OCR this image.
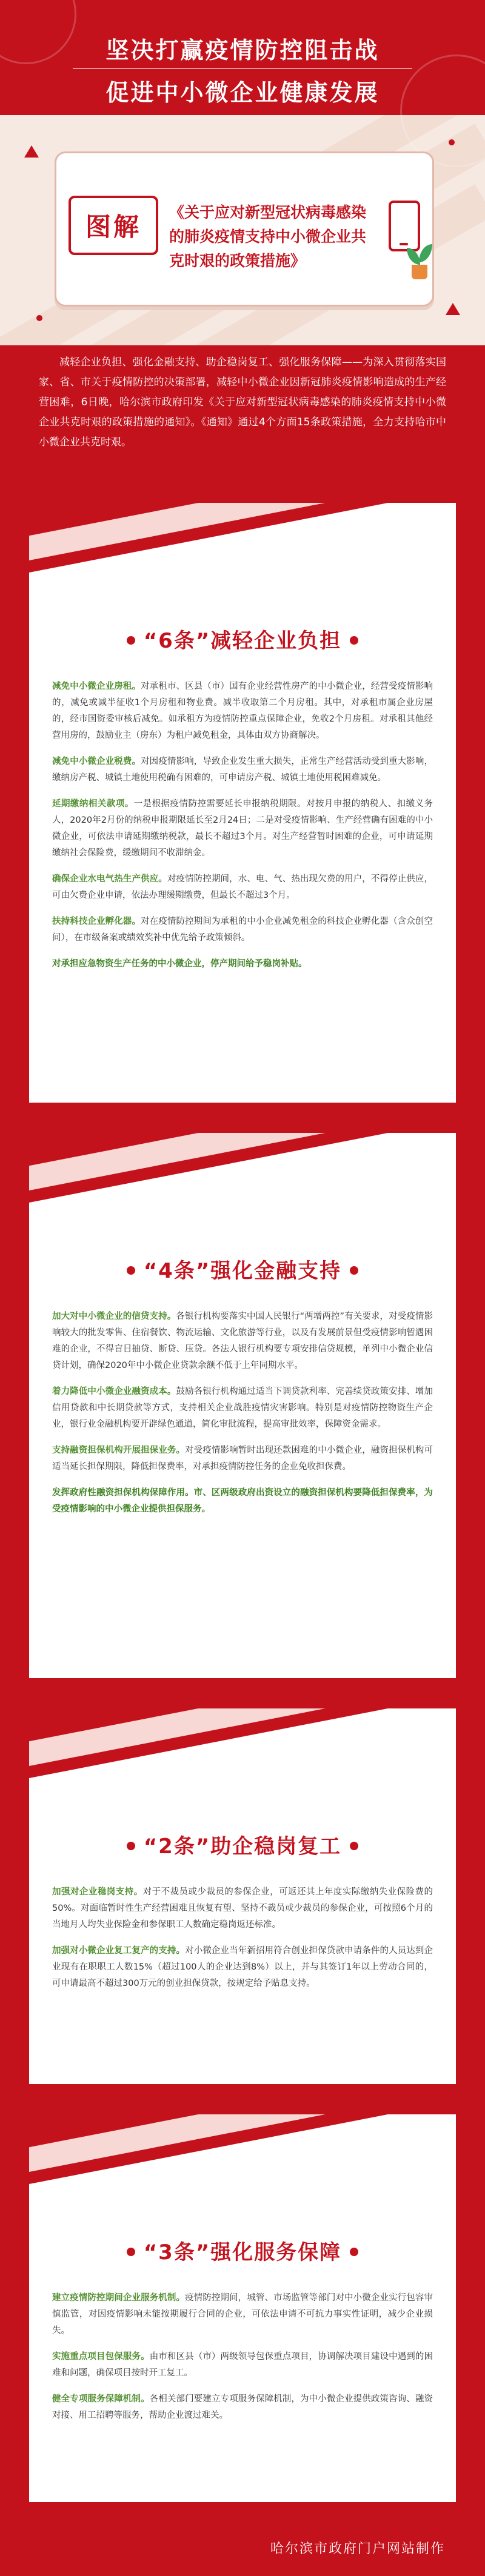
坚决打赢疫情防控阻击战
促进中小微企业健康发展
图解 《关于应对新型冠状病毒感染的肺炎疫情支持中小微企业共克时艰的政策措施》
减轻企业负担、强化金融支持、助企稳岗复工、强化服务保障——为深入贯彻落实国家、省、市关于疫情防控的决策部署，减轻中小微企业因新冠肺炎疫情影响造成的生产经营困难，6日晚，哈尔滨市政府印发《关于应对新型冠状病毒感染的肺炎疫情支持中小微企业共克时艰的政策措施的通知》。《通知》通过4个方面15条政策措施，全力支持哈市中小微企业共克时艰。
“6条”减轻企业负担

减免中小微企业房租。对承租市、区县（市）国有企业经营性房产的中小微企业，经营受疫情影响的，减免或减半征收1个月房租和物业费。减半收取第二个月房租。其中，对承租市属企业房屋的，经市国资委审核后减免。如承租方为疫情防控重点保障企业，免收2个月房租。对承租其他经营用房的，鼓励业主（房东）为租户减免租金，具体由双方协商解决。

减免中小微企业税费。对因疫情影响，导致企业发生重大损失，正常生产经营活动受到重大影响，缴纳房产税、城镇土地使用税确有困难的，可申请房产税、城镇土地使用税困难减免。

延期缴纳相关款项。一是根据疫情防控需要延长申报纳税期限。对按月申报的纳税人、扣缴义务人，2020年2月份的纳税申报期限延长至2月24日；二是对受疫情影响、生产经营确有困难的中小微企业，可依法申请延期缴纳税款，最长不超过3个月。对生产经营暂时困难的企业，可申请延期缴纳社会保险费，缓缴期间不收滞纳金。

确保企业水电气热生产供应。对疫情防控期间，水、电、气、热出现欠费的用户，不得停止供应，可由欠费企业申请，依法办理缓期缴费，但最长不超过3个月。

扶持科技企业孵化器。对在疫情防控期间为承租的中小企业减免租金的科技企业孵化器（含众创空间），在市级备案或绩效奖补中优先给予政策倾斜。

对承担应急物资生产任务的中小微企业，停产期间给予稳岗补贴。

“4条”强化金融支持

加大对中小微企业的信贷支持。各银行机构要落实中国人民银行“两增两控”有关要求，对受疫情影响较大的批发零售、住宿餐饮、物流运输、文化旅游等行业，以及有发展前景但受疫情影响暂遇困难的企业，不得盲目抽贷、断贷、压贷。各法人银行机构要专项安排信贷规模，单列中小微企业信贷计划，确保2020年中小微企业贷款余额不低于上年同期水平。

着力降低中小微企业融资成本。鼓励各银行机构通过适当下调贷款利率、完善续贷政策安排、增加信用贷款和中长期贷款等方式，支持相关企业战胜疫情灾害影响。特别是对疫情防控物资生产企业，银行业金融机构要开辟绿色通道，简化审批流程，提高审批效率，保障资金需求。

支持融资担保机构开展担保业务。对受疫情影响暂时出现还款困难的中小微企业，融资担保机构可适当延长担保期限，降低担保费率，对承担疫情防控任务的企业免收担保费。

发挥政府性融资担保机构保障作用。市、区两级政府出资设立的融资担保机构要降低担保费率，为受疫情影响的中小微企业提供担保服务。

“2条”助企稳岗复工

加强对企业稳岗支持。对于不裁员或少裁员的参保企业，可返还其上年度实际缴纳失业保险费的50%。对面临暂时性生产经营困难且恢复有望、坚持不裁员或少裁员的参保企业，可按照6个月的当地月人均失业保险金和参保职工人数确定稳岗返还标准。

加强对小微企业复工复产的支持。对小微企业当年新招用符合创业担保贷款申请条件的人员达到企业现有在职职工人数15%（超过100人的企业达到8%）以上，并与其签订1年以上劳动合同的，可申请最高不超过300万元的创业担保贷款，按规定给予贴息支持。

“3条”强化服务保障

建立疫情防控期间企业服务机制。疫情防控期间，城管、市场监管等部门对中小微企业实行包容审慎监管，对因疫情影响未能按期履行合同的企业，可依法申请不可抗力事实性证明，减少企业损失。

实施重点项目包保服务。由市和区县（市）两级领导包保重点项目，协调解决项目建设中遇到的困难和问题，确保项目按时开工复工。

健全专项服务保障机制。各相关部门要建立专项服务保障机制，为中小微企业提供政策咨询、融资对接、用工招聘等服务，帮助企业渡过难关。

哈尔滨市政府门户网站制作
